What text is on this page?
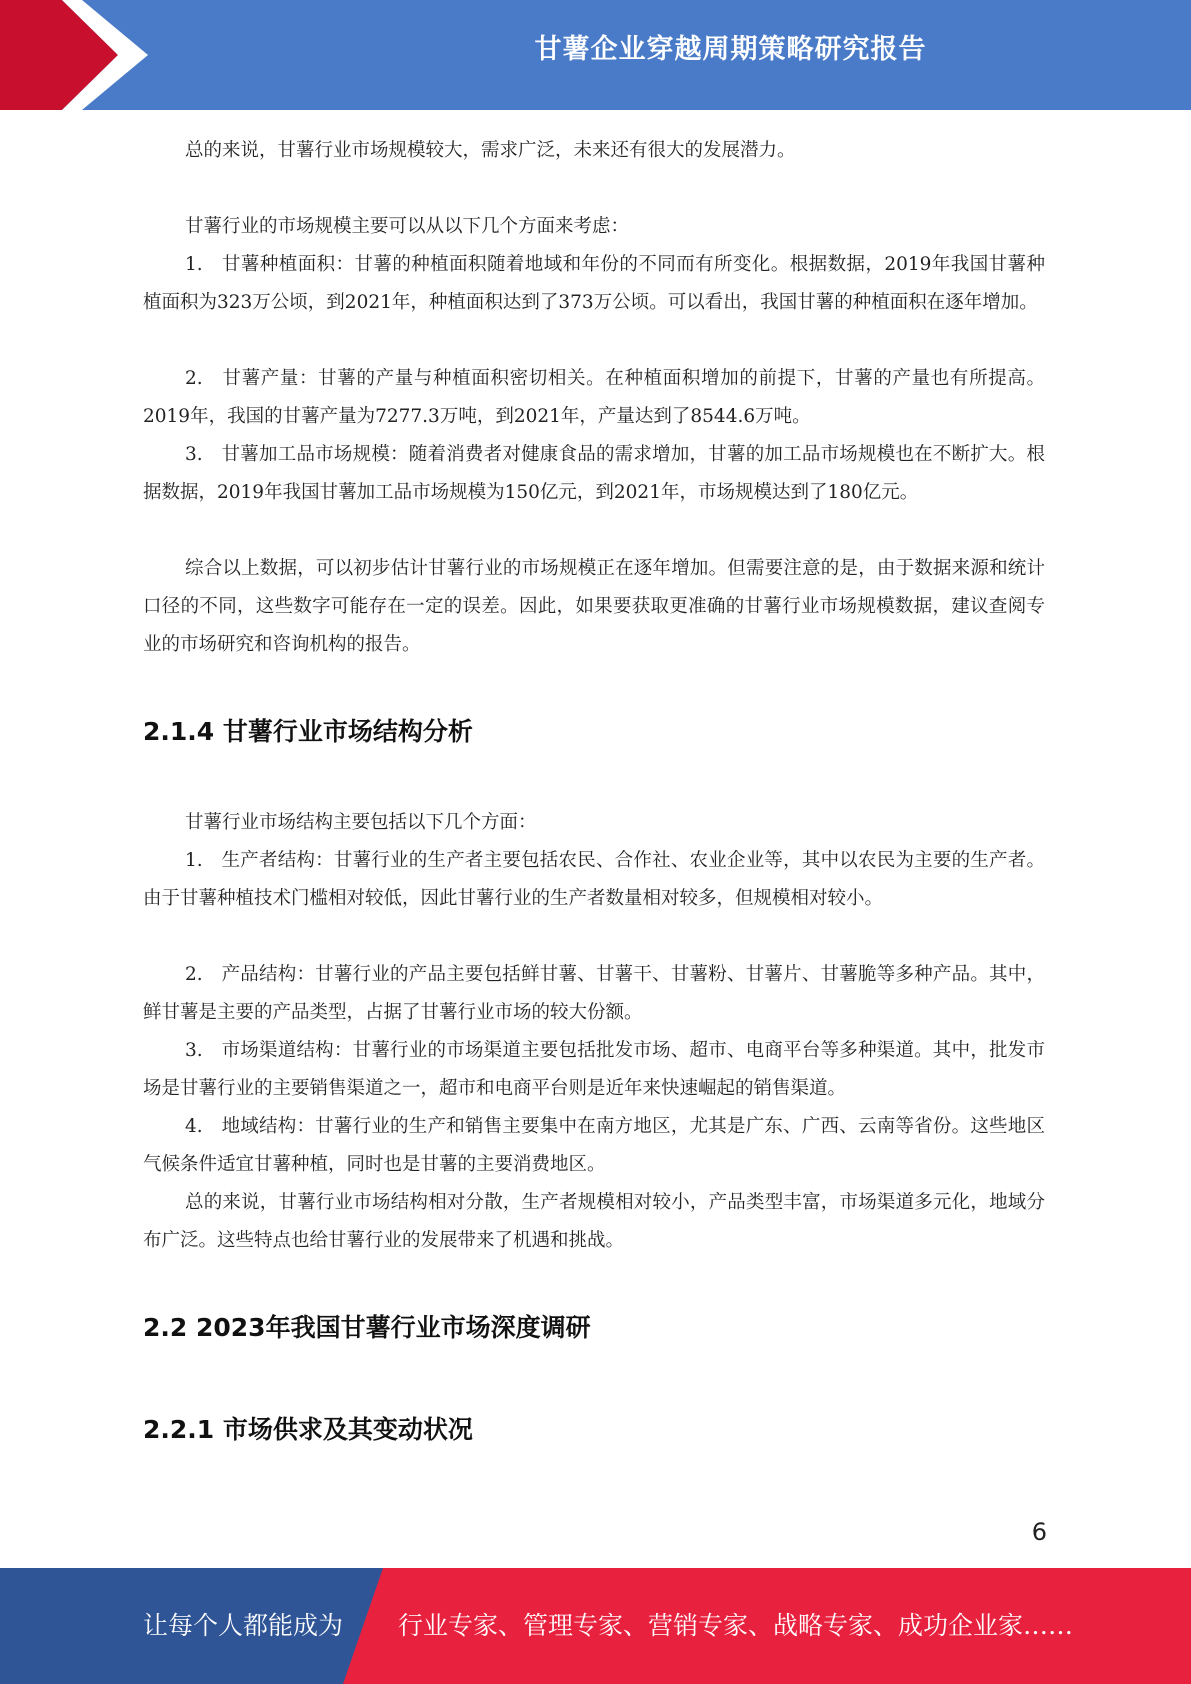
甘薯企业穿越周期策略研究报告

总的来说，甘薯行业市场规模较大，需求广泛，未来还有很大的发展潜力。

甘薯行业的市场规模主要可以从以下几个方面来考虑：

1.　甘薯种植面积：甘薯的种植面积随着地域和年份的不同而有所变化。根据数据，2019年我国甘薯种植面积为323万公顷，到2021年，种植面积达到了373万公顷。可以看出，我国甘薯的种植面积在逐年增加。

2.　甘薯产量：甘薯的产量与种植面积密切相关。在种植面积增加的前提下，甘薯的产量也有所提高。2019年，我国的甘薯产量为7277.3万吨，到2021年，产量达到了8544.6万吨。

3.　甘薯加工品市场规模：随着消费者对健康食品的需求增加，甘薯的加工品市场规模也在不断扩大。根据数据，2019年我国甘薯加工品市场规模为150亿元，到2021年，市场规模达到了180亿元。

综合以上数据，可以初步估计甘薯行业的市场规模正在逐年增加。但需要注意的是，由于数据来源和统计口径的不同，这些数字可能存在一定的误差。因此，如果要获取更准确的甘薯行业市场规模数据，建议查阅专业的市场研究和咨询机构的报告。

2.1.4 甘薯行业市场结构分析

甘薯行业市场结构主要包括以下几个方面：

1.　生产者结构：甘薯行业的生产者主要包括农民、合作社、农业企业等，其中以农民为主要的生产者。由于甘薯种植技术门槛相对较低，因此甘薯行业的生产者数量相对较多，但规模相对较小。

2.　产品结构：甘薯行业的产品主要包括鲜甘薯、甘薯干、甘薯粉、甘薯片、甘薯脆等多种产品。其中，鲜甘薯是主要的产品类型，占据了甘薯行业市场的较大份额。

3.　市场渠道结构：甘薯行业的市场渠道主要包括批发市场、超市、电商平台等多种渠道。其中，批发市场是甘薯行业的主要销售渠道之一，超市和电商平台则是近年来快速崛起的销售渠道。

4.　地域结构：甘薯行业的生产和销售主要集中在南方地区，尤其是广东、广西、云南等省份。这些地区气候条件适宜甘薯种植，同时也是甘薯的主要消费地区。

总的来说，甘薯行业市场结构相对分散，生产者规模相对较小，产品类型丰富，市场渠道多元化，地域分布广泛。这些特点也给甘薯行业的发展带来了机遇和挑战。

2.2 2023年我国甘薯行业市场深度调研
2.2.1 市场供求及其变动状况
6
让每个人都能成为 行业专家、管理专家、营销专家、战略专家、成功企业家……
